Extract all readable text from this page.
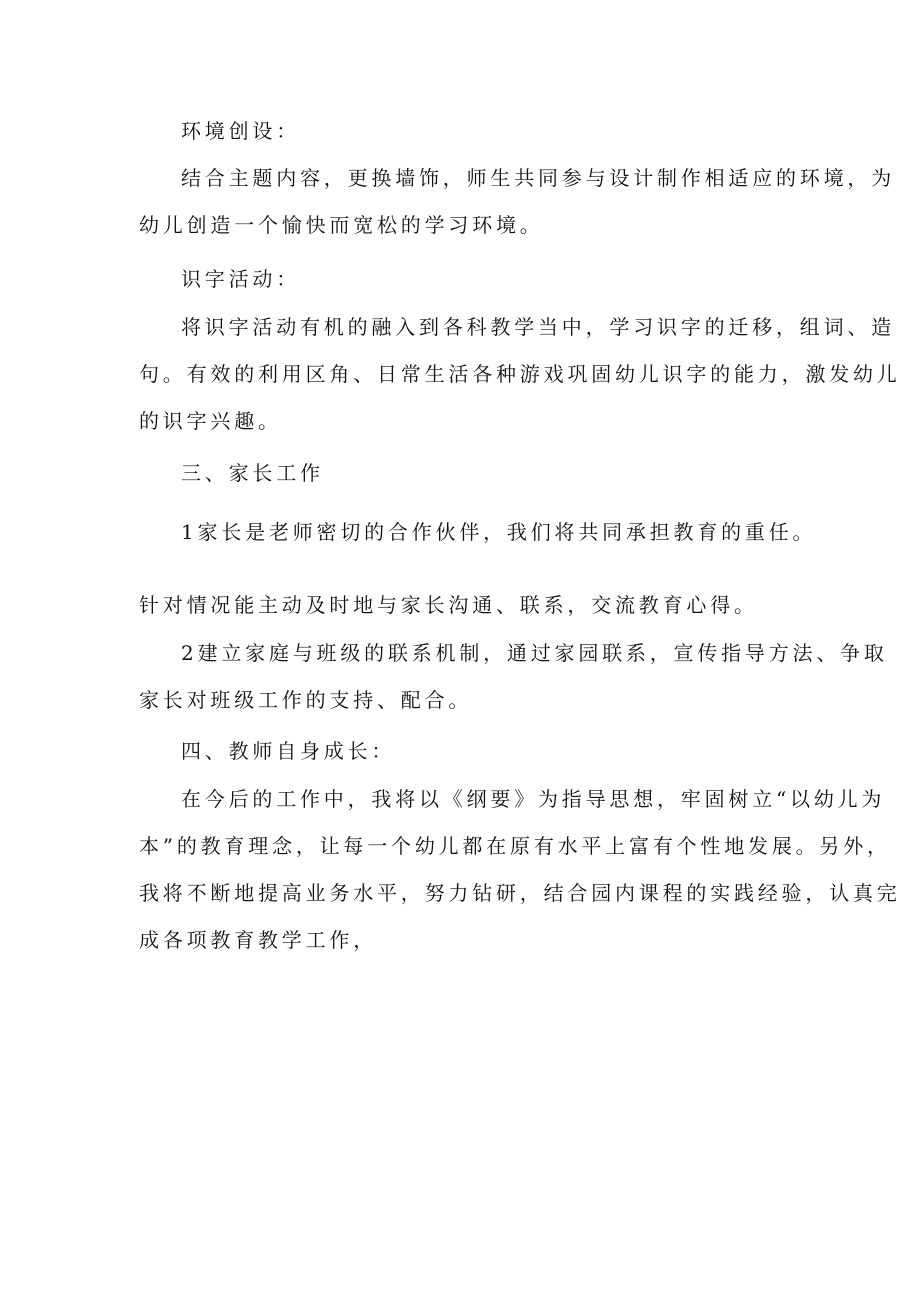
环境创设：
结合主题内容，更换墙饰，师生共同参与设计制作相适应的环境，为
幼儿创造一个愉快而宽松的学习环境。
识字活动：
将识字活动有机的融入到各科教学当中，学习识字的迁移，组词、造
句。有效的利用区角、日常生活各种游戏巩固幼儿识字的能力，激发幼儿
的识字兴趣。
三、家长工作
1家长是老师密切的合作伙伴，我们将共同承担教育的重任。
针对情况能主动及时地与家长沟通、联系，交流教育心得。
2建立家庭与班级的联系机制，通过家园联系，宣传指导方法、争取
家长对班级工作的支持、配合。
四、教师自身成长：
在今后的工作中，我将以《纲要》为指导思想，牢固树立“以幼儿为
本”的教育理念，让每一个幼儿都在原有水平上富有个性地发展。另外，
我将不断地提高业务水平，努力钻研，结合园内课程的实践经验，认真完
成各项教育教学工作，
